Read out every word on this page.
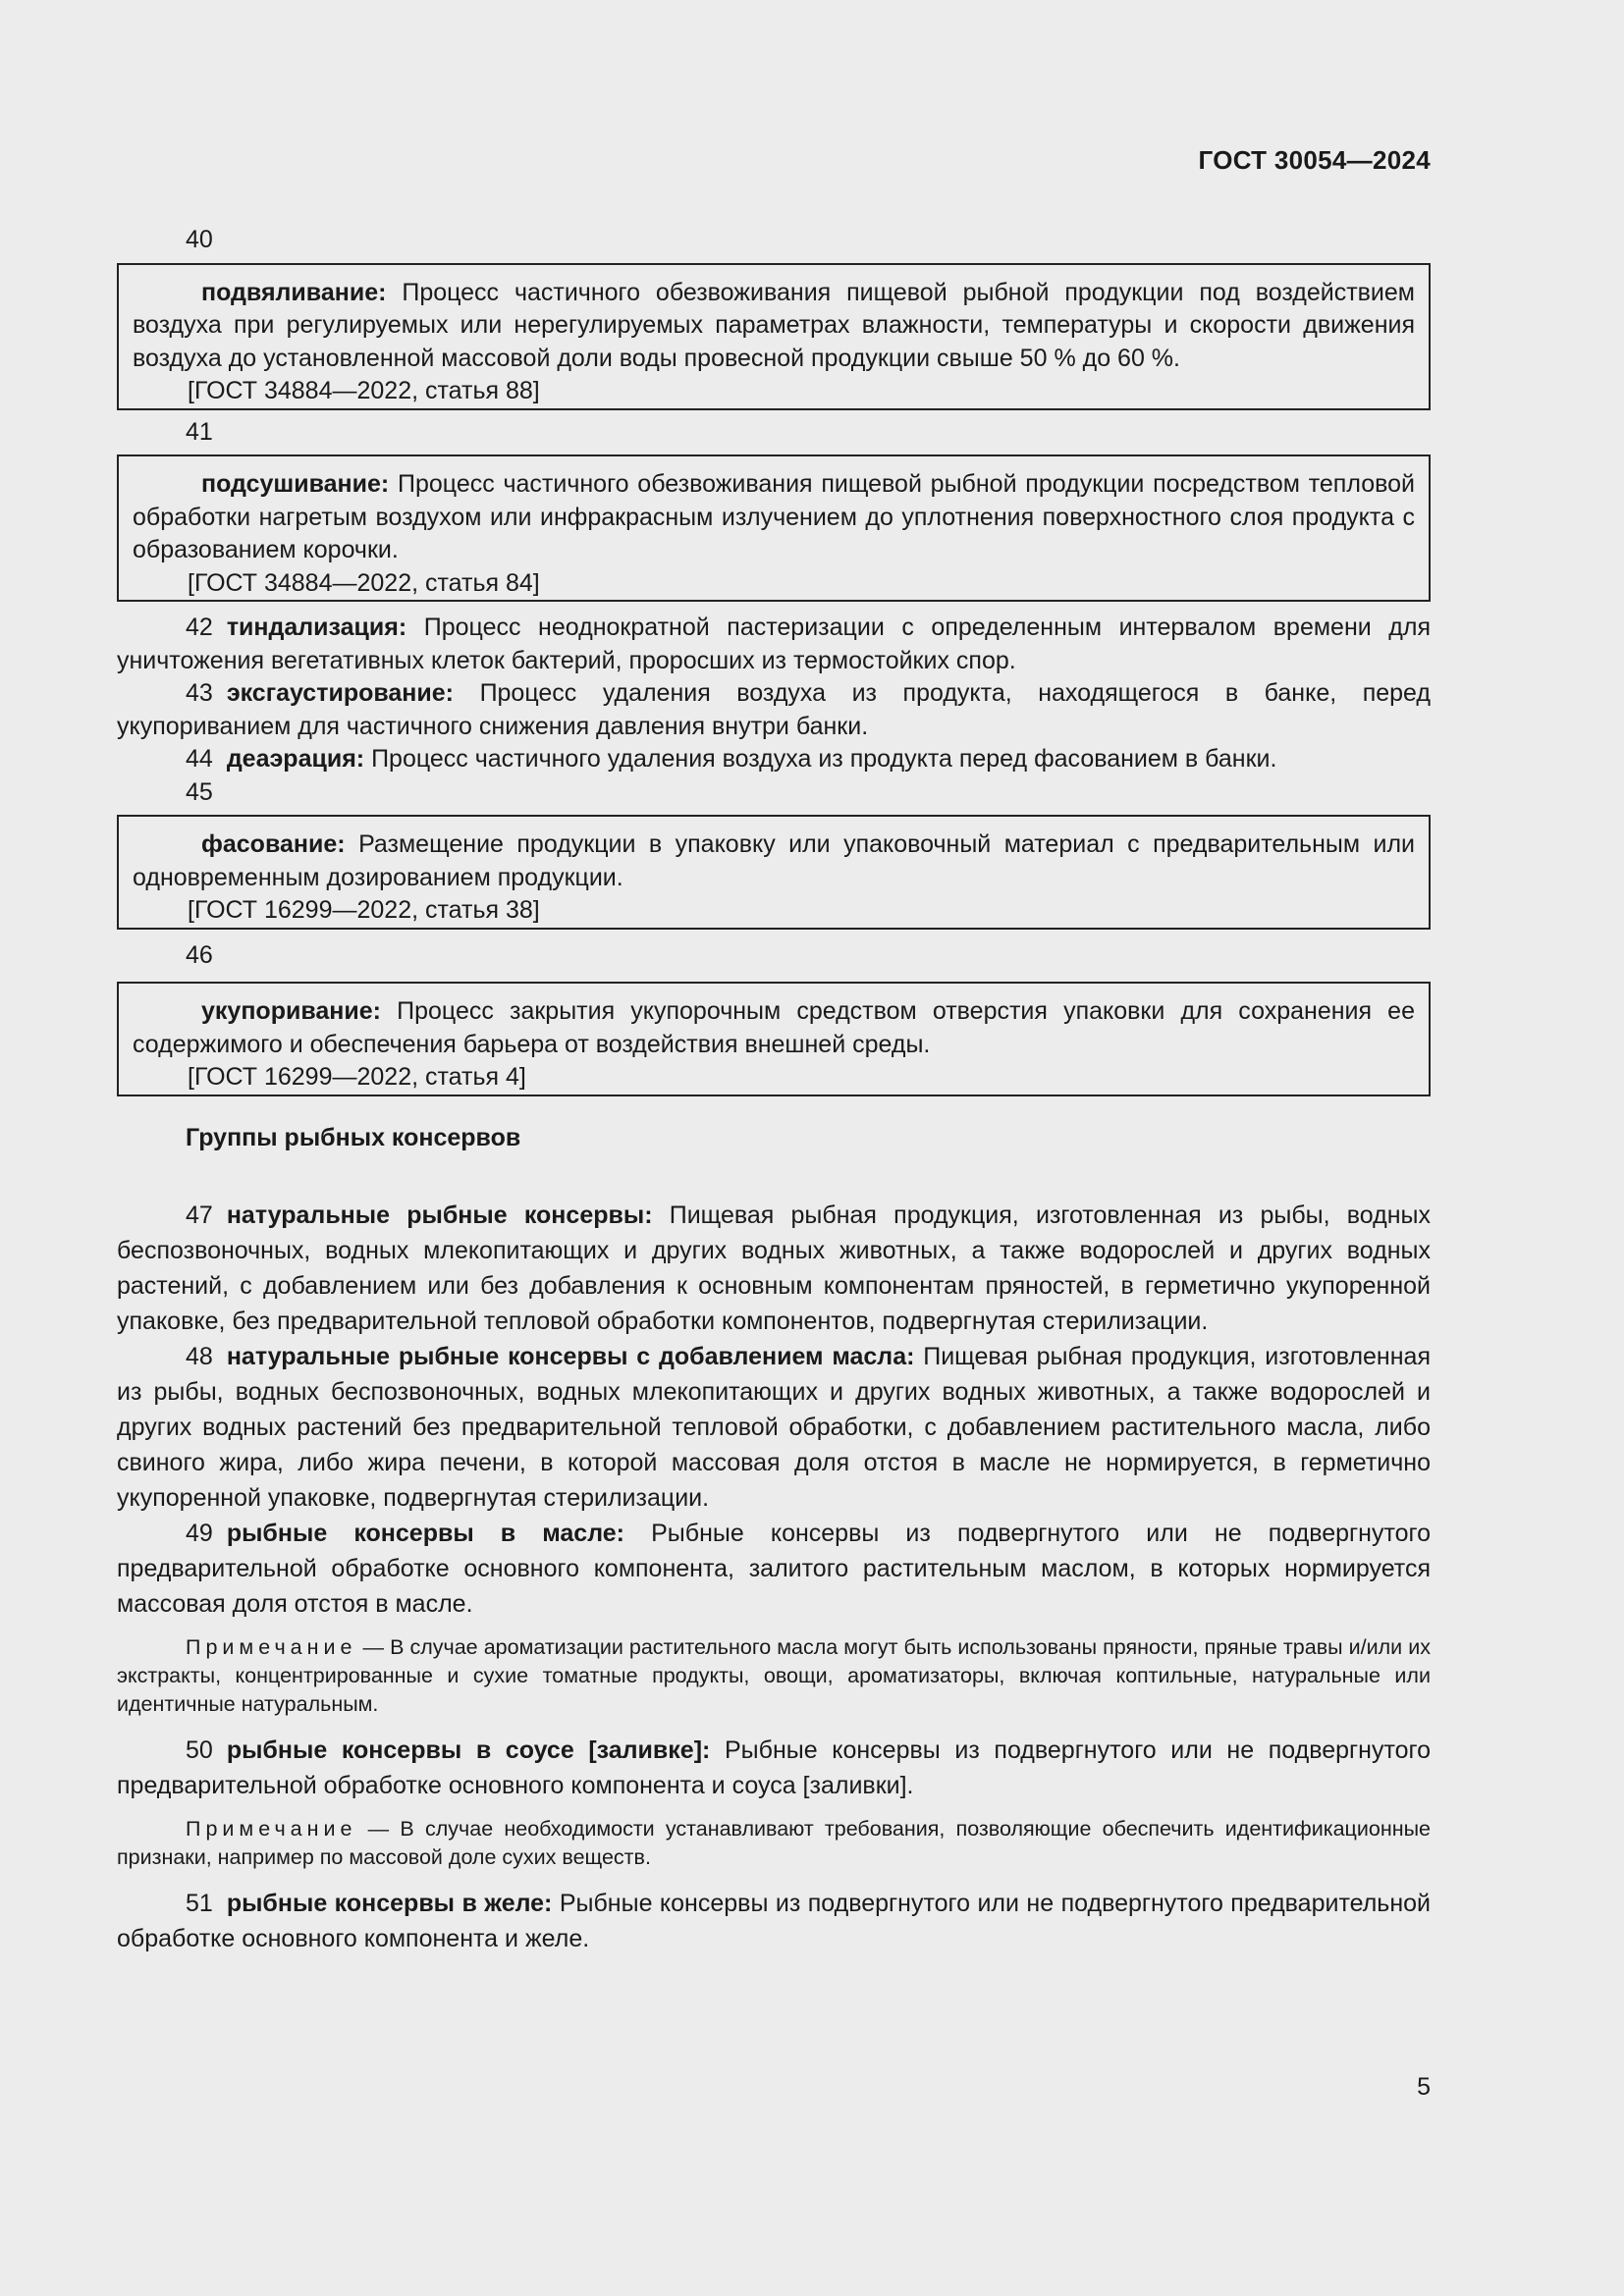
ГОСТ 30054—2024
40

подвяливание: Процесс частичного обезвоживания пищевой рыбной продукции под воздействием воздуха при регулируемых или нерегулируемых параметрах влажности, температуры и скорости движения воздуха до установленной массовой доли воды провесной продукции свыше 50 % до 60 %.

[ГОСТ 34884—2022, статья 88]
41

подсушивание: Процесс частичного обезвоживания пищевой рыбной продукции посредством тепловой обработки нагретым воздухом или инфракрасным излучением до уплотнения поверхностного слоя продукта с образованием корочки.

[ГОСТ 34884—2022, статья 84]

42 тиндализация: Процесс неоднократной пастеризации с определенным интервалом времени для уничтожения вегетативных клеток бактерий, проросших из термостойких спор.

43 эксгаустирование: Процесс удаления воздуха из продукта, находящегося в банке, перед укупориванием для частичного снижения давления внутри банки.

44 деаэрация: Процесс частичного удаления воздуха из продукта перед фасованием в банки.

45

фасование: Размещение продукции в упаковку или упаковочный материал с предварительным или одновременным дозированием продукции.

[ГОСТ 16299—2022, статья 38]
46

укупоривание: Процесс закрытия укупорочным средством отверстия упаковки для сохранения ее содержимого и обеспечения барьера от воздействия внешней среды.

[ГОСТ 16299—2022, статья 4]
Группы рыбных консервов

47 натуральные рыбные консервы: Пищевая рыбная продукция, изготовленная из рыбы, водных беспозвоночных, водных млекопитающих и других водных животных, а также водорослей и других водных растений, с добавлением или без добавления к основным компонентам пряностей, в герметично укупоренной упаковке, без предварительной тепловой обработки компонентов, подвергнутая стерилизации.

48 натуральные рыбные консервы с добавлением масла: Пищевая рыбная продукция, изготовленная из рыбы, водных беспозвоночных, водных млекопитающих и других водных животных, а также водорослей и других водных растений без предварительной тепловой обработки, с добавлением растительного масла, либо свиного жира, либо жира печени, в которой массовая доля отстоя в масле не нормируется, в герметично укупоренной упаковке, подвергнутая стерилизации.

49 рыбные консервы в масле: Рыбные консервы из подвергнутого или не подвергнутого предварительной обработке основного компонента, залитого растительным маслом, в которых нормируется массовая доля отстоя в масле.

Примечание — В случае ароматизации растительного масла могут быть использованы пряности, пряные травы и/или их экстракты, концентрированные и сухие томатные продукты, овощи, ароматизаторы, включая коптильные, натуральные или идентичные натуральным.

50 рыбные консервы в соусе [заливке]: Рыбные консервы из подвергнутого или не подвергнутого предварительной обработке основного компонента и соуса [заливки].

Примечание — В случае необходимости устанавливают требования, позволяющие обеспечить идентификационные признаки, например по массовой доле сухих веществ.

51 рыбные консервы в желе: Рыбные консервы из подвергнутого или не подвергнутого предварительной обработке основного компонента и желе.

5
